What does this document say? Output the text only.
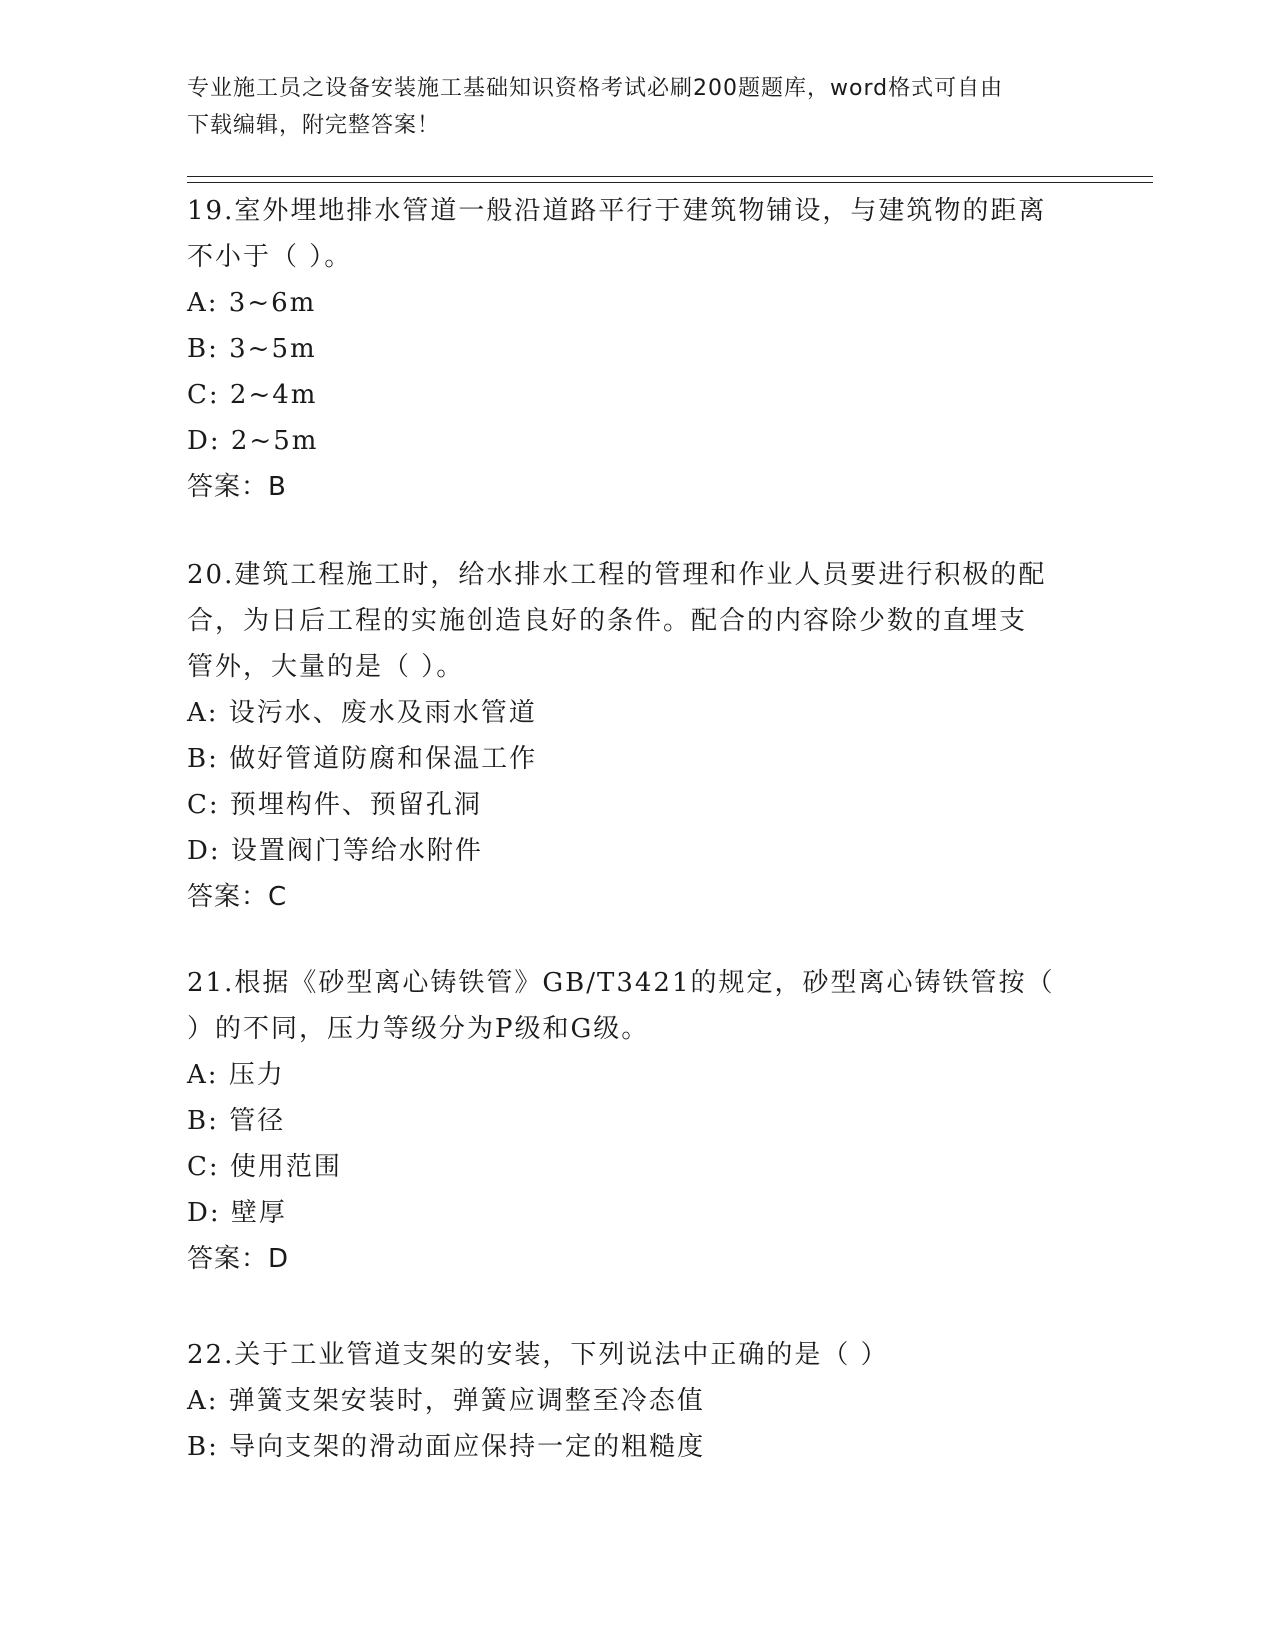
专业施工员之设备安装施工基础知识资格考试必刷200题题库，word格式可自由
下载编辑，附完整答案！

19.室外埋地排水管道一般沿道路平行于建筑物铺设，与建筑物的距离

不小于（ ）。

A: 3~6m

B: 3~5m

C: 2~4m

D: 2~5m

答案：B

20.建筑工程施工时，给水排水工程的管理和作业人员要进行积极的配

合，为日后工程的实施创造良好的条件。配合的内容除少数的直埋支

管外，大量的是（ ）。

A: 设污水、废水及雨水管道

B: 做好管道防腐和保温工作

C: 预埋构件、预留孔洞

D: 设置阀门等给水附件

答案：C

21.根据《砂型离心铸铁管》GB/T3421的规定，砂型离心铸铁管按（

）的不同，压力等级分为P级和G级。

A: 压力

B: 管径

C: 使用范围

D: 壁厚

答案：D

22.关于工业管道支架的安装，下列说法中正确的是（ ）

A: 弹簧支架安装时，弹簧应调整至冷态值

B: 导向支架的滑动面应保持一定的粗糙度
